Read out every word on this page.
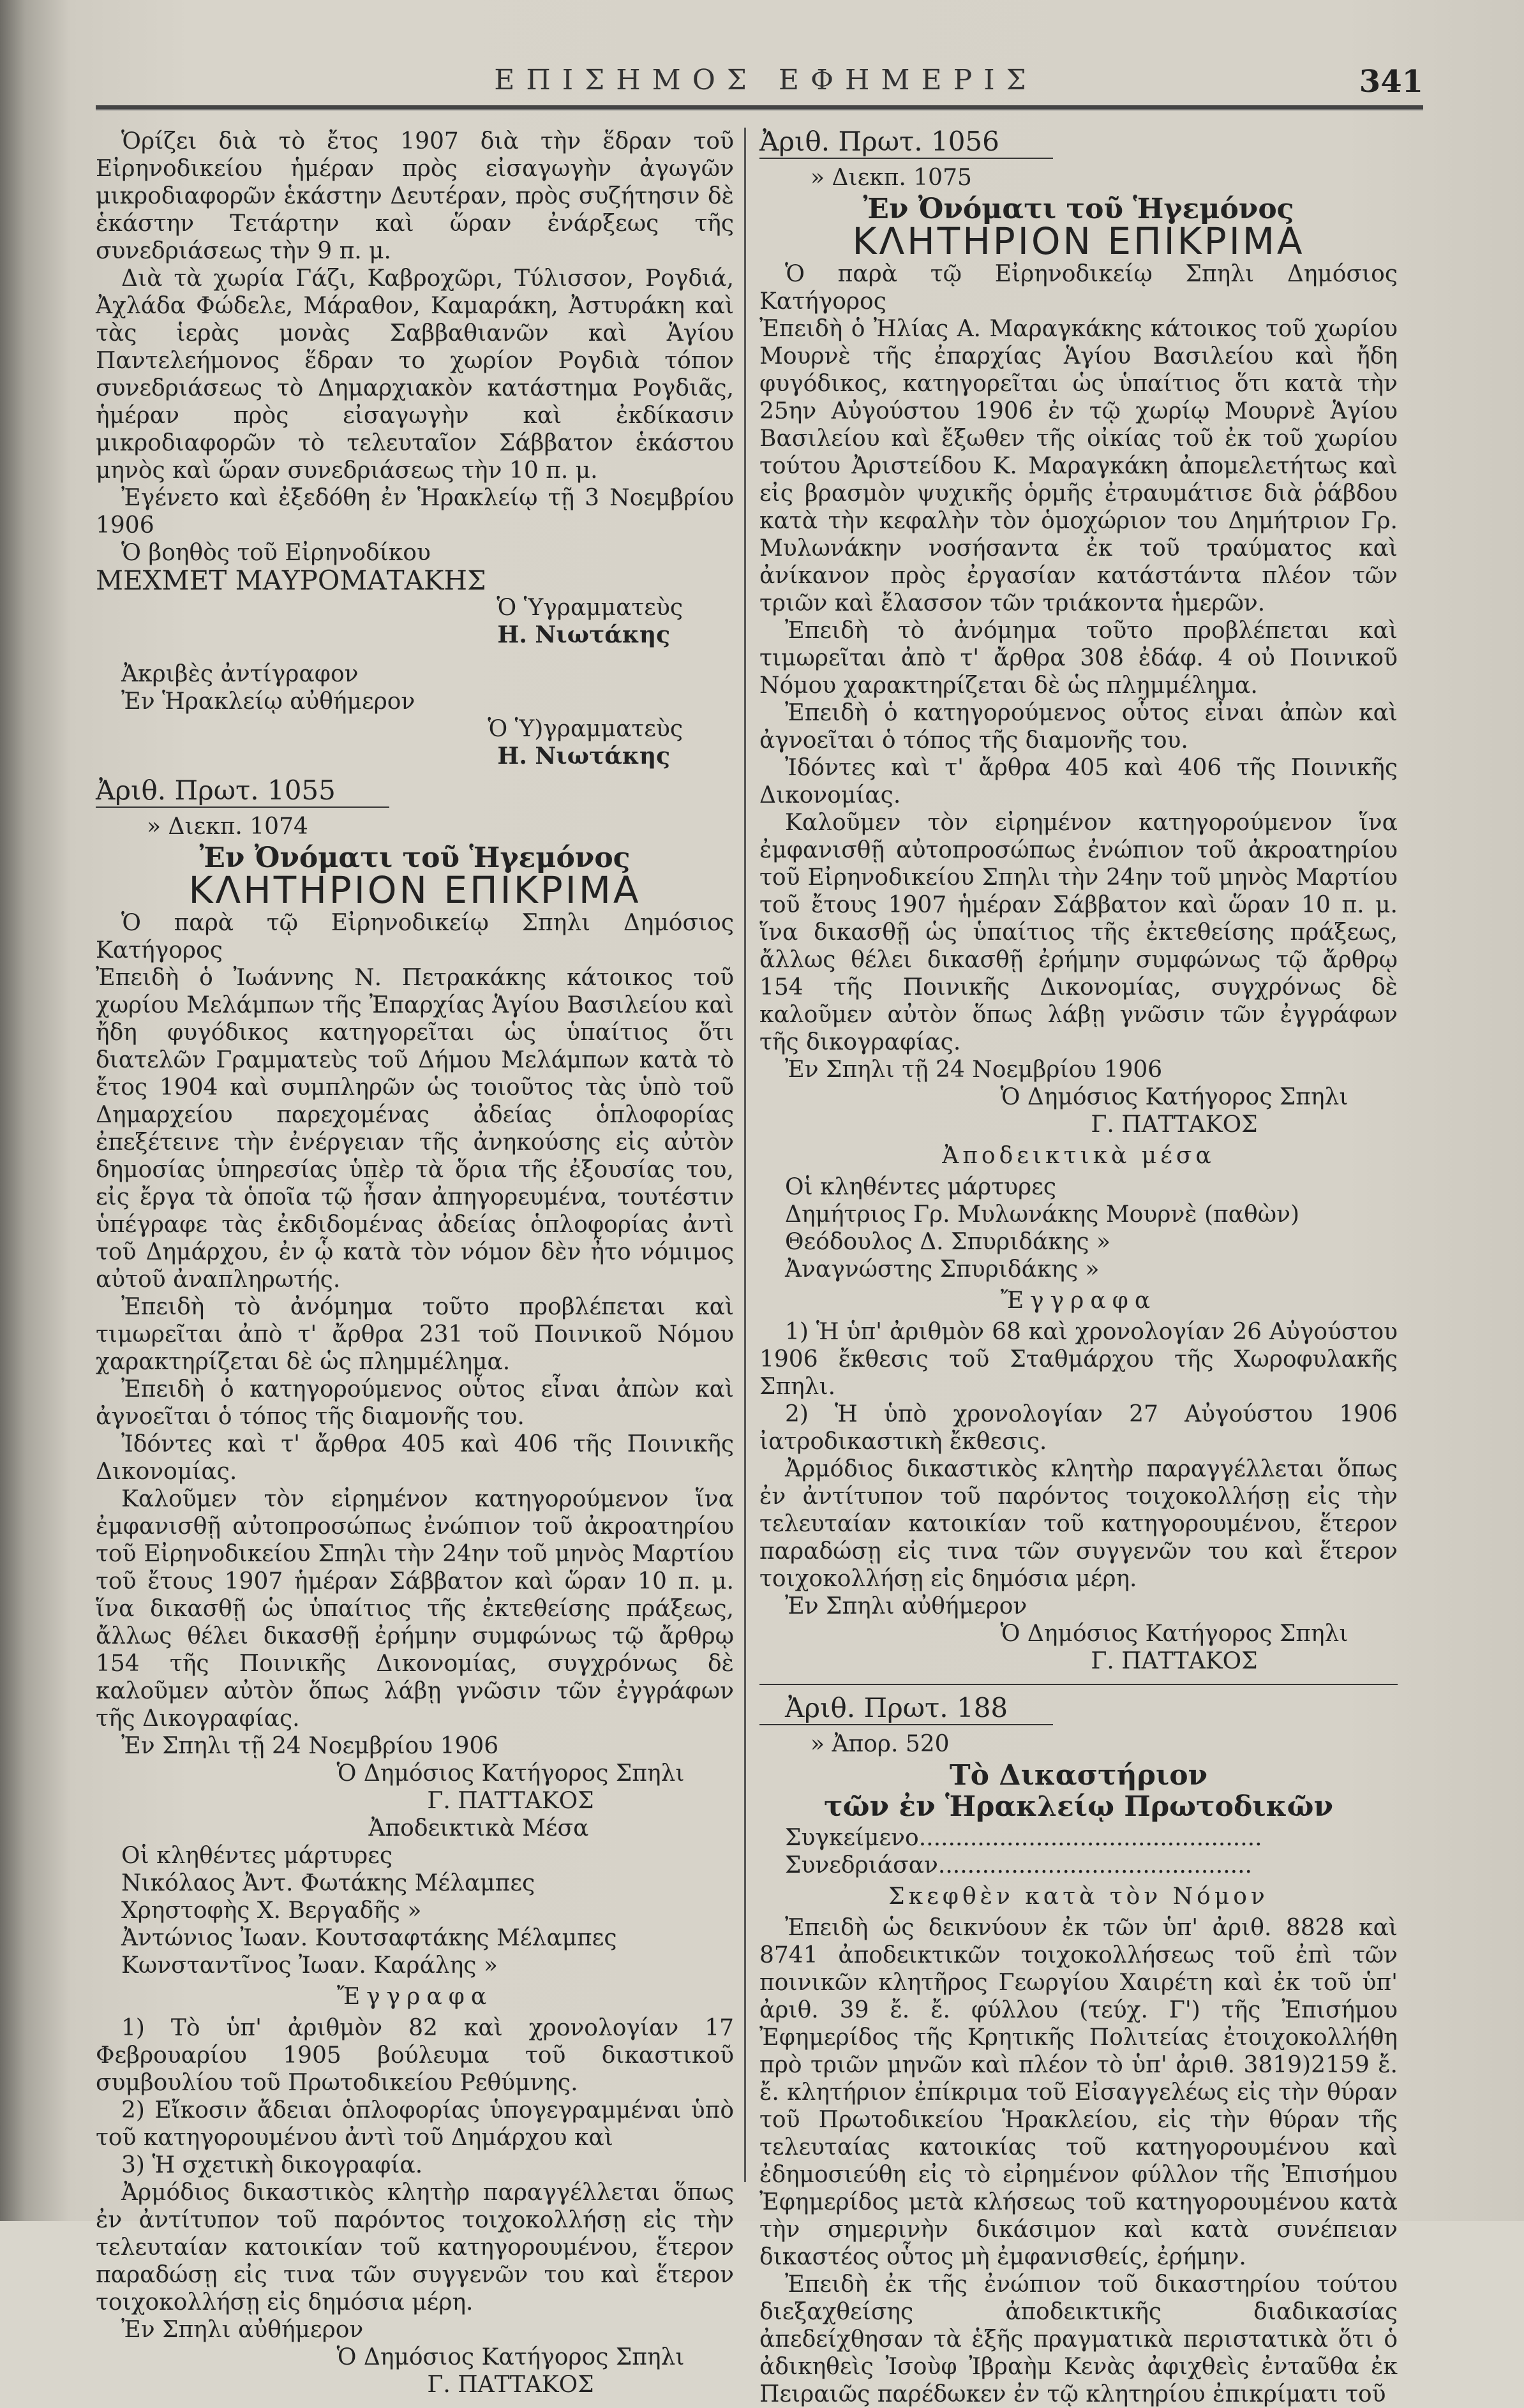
ΕΠΙΣΗΜΟΣ ΕΦΗΜΕΡΙΣ	341

Ὁρίζει διὰ τὸ ἔτος 1907 διὰ τὴν ἕδραν τοῦ Εἰρηνοδικείου ἡμέραν πρὸς εἰσαγωγὴν ἀγωγῶν μικροδιαφορῶν ἑκάστην Δευτέραν, πρὸς συζήτησιν δὲ ἑκάστην Τετάρτην καὶ ὥραν ἐνάρξεως τῆς συνεδριάσεως τὴν 9 π. μ.

Διὰ τὰ χωρία Γάζι, Καβροχῶρι, Τύλισσον, Ρογδιά, Ἀχλάδα Φώδελε, Μάραθον, Καμαράκη, Ἀστυράκη καὶ τὰς ἱερὰς μονὰς Σαββαθιανῶν καὶ Ἁγίου Παντελεήμονος ἕδραν το χωρίον Ρογδιὰ τόπον συνεδριάσεως τὸ Δημαρχιακὸν κατάστημα Ρογδιᾶς, ἡμέραν πρὸς εἰσαγωγὴν καὶ ἐκδίκασιν μικροδιαφορῶν τὸ τελευταῖον Σάββατον ἑκάστου μηνὸς καὶ ὥραν συνεδριάσεως τὴν 10 π. μ.

Ἐγένετο καὶ ἐξεδόθη ἐν Ἡρακλείῳ τῇ 3 Νοεμβρίου 1906

Ὁ βοηθὸς τοῦ Εἰρηνοδίκου

ΜΕΧΜΕΤ ΜΑΥΡΟΜΑΤΑΚΗΣ

Ὁ Ὑγραμματεὺς

Η. Νιωτάκης

Ἀκριβὲς ἀντίγραφον

Ἐν Ἡρακλείῳ αὐθήμερον

Ὁ Ὑ)γραμματεὺς

Η. Νιωτάκης

Ἀριθ. Πρωτ. 1055

» Διεκπ. 1074

Ἐν Ὀνόματι τοῦ Ἡγεμόνος

ΚΛΗΤΗΡΙΟΝ ΕΠΙΚΡΙΜΑ

Ὁ παρὰ τῷ Εἰρηνοδικείῳ Σπηλι Δημόσιος Κατήγορος

Ἐπειδὴ ὁ Ἰωάννης Ν. Πετρακάκης κάτοικος τοῦ χωρίου Μελάμπων τῆς Ἐπαρχίας Ἁγίου Βασιλείου καὶ ἤδη φυγόδικος κατηγορεῖται ὡς ὑπαίτιος ὅτι διατελῶν Γραμματεὺς τοῦ Δήμου Μελάμπων κατὰ τὸ ἔτος 1904 καὶ συμπληρῶν ὡς τοιοῦτος τὰς ὑπὸ τοῦ Δημαρχείου παρεχομένας ἀδείας ὁπλοφορίας ἐπεξέτεινε τὴν ἐνέργειαν τῆς ἀνηκούσης εἰς αὐτὸν δημοσίας ὑπηρεσίας ὑπὲρ τὰ ὅρια τῆς ἐξουσίας του, εἰς ἔργα τὰ ὁποῖα τῷ ἦσαν ἀπηγορευμένα, τουτέστιν ὑπέγραφε τὰς ἐκδιδομένας ἀδείας ὁπλοφορίας ἀντὶ τοῦ Δημάρχου, ἐν ᾧ κατὰ τὸν νόμον δὲν ἦτο νόμιμος αὐτοῦ ἀναπληρωτής.

Ἐπειδὴ τὸ ἀνόμημα τοῦτο προβλέπεται καὶ τιμωρεῖται ἀπὸ τ' ἄρθρα 231 τοῦ Ποινικοῦ Νόμου χαρακτηρίζεται δὲ ὡς πλημμέλημα.

Ἐπειδὴ ὁ κατηγορούμενος οὗτος εἶναι ἀπὼν καὶ ἀγνοεῖται ὁ τόπος τῆς διαμονῆς του.

Ἰδόντες καὶ τ' ἄρθρα 405 καὶ 406 τῆς Ποινικῆς Δικονομίας.

Καλοῦμεν τὸν εἰρημένον κατηγορούμενον ἵνα ἐμφανισθῇ αὐτοπροσώπως ἐνώπιον τοῦ ἀκροατηρίου τοῦ Εἰρηνοδικείου Σπηλι τὴν 24ην τοῦ μηνὸς Μαρτίου τοῦ ἔτους 1907 ἡμέραν Σάββατον καὶ ὥραν 10 π. μ. ἵνα δικασθῇ ὡς ὑπαίτιος τῆς ἐκτεθείσης πράξεως, ἄλλως θέλει δικασθῇ ἐρήμην συμφώνως τῷ ἄρθρῳ 154 τῆς Ποινικῆς Δικονομίας, συγχρόνως δὲ καλοῦμεν αὐτὸν ὅπως λάβῃ γνῶσιν τῶν ἐγγράφων τῆς Δικογραφίας.

Ἐν Σπηλι τῇ 24 Νοεμβρίου 1906

Ὁ Δημόσιος Κατήγορος Σπηλι

Γ. ΠΑΤΤΑΚΟΣ

Ἀποδεικτικὰ Μέσα

Οἱ κληθέντες μάρτυρες

Νικόλαος Ἀντ. Φωτάκης Μέλαμπες

Χρηστοφὴς Χ. Βεργαδῆς »

Ἀντώνιος Ἰωαν. Κουτσαφτάκης Μέλαμπες

Κωνσταντῖνος Ἰωαν. Καράλης »

Ἔγγραφα

1) Τὸ ὑπ' ἀριθμὸν 82 καὶ χρονολογίαν 17 Φεβρουαρίου 1905 βούλευμα τοῦ δικαστικοῦ συμβουλίου τοῦ Πρωτοδικείου Ρεθύμνης.

2) Εἴκοσιν ἄδειαι ὁπλοφορίας ὑπογεγραμμέναι ὑπὸ τοῦ κατηγορουμένου ἀντὶ τοῦ Δημάρχου καὶ

3) Ἡ σχετικὴ δικογραφία.

Ἀρμόδιος δικαστικὸς κλητὴρ παραγγέλλεται ὅπως ἐν ἀντίτυπον τοῦ παρόντος τοιχοκολλήσῃ εἰς τὴν τελευταίαν κατοικίαν τοῦ κατηγορουμένου, ἕτερον παραδώσῃ εἰς τινα τῶν συγγενῶν του καὶ ἕτερον τοιχοκολλήσῃ εἰς δημόσια μέρη.

Ἐν Σπηλι αὐθήμερον

Ὁ Δημόσιος Κατήγορος Σπηλι

Γ. ΠΑΤΤΑΚΟΣ

Ἀριθ. Πρωτ. 1056

» Διεκπ. 1075

Ἐν Ὀνόματι τοῦ Ἡγεμόνος

ΚΛΗΤΗΡΙΟΝ ΕΠΙΚΡΙΜΑ

Ὁ παρὰ τῷ Εἰρηνοδικείῳ Σπηλι Δημόσιος Κατήγορος

Ἐπειδὴ ὁ Ἠλίας Α. Μαραγκάκης κάτοικος τοῦ χωρίου Μουρνὲ τῆς ἐπαρχίας Ἁγίου Βασιλείου καὶ ἤδη φυγόδικος, κατηγορεῖται ὡς ὑπαίτιος ὅτι κατὰ τὴν 25ην Αὐγούστου 1906 ἐν τῷ χωρίῳ Μουρνὲ Ἁγίου Βασιλείου καὶ ἔξωθεν τῆς οἰκίας τοῦ ἐκ τοῦ χωρίου τούτου Ἀριστείδου Κ. Μαραγκάκη ἀπομελετήτως καὶ εἰς βρασμὸν ψυχικῆς ὁρμῆς ἐτραυμάτισε διὰ ῥάβδου κατὰ τὴν κεφαλὴν τὸν ὁμοχώριον του Δημήτριον Γρ. Μυλωνάκην νοσήσαντα ἐκ τοῦ τραύματος καὶ ἀνίκανον πρὸς ἐργασίαν κατάστάντα πλέον τῶν τριῶν καὶ ἔλασσον τῶν τριάκοντα ἡμερῶν.

Ἐπειδὴ τὸ ἀνόμημα τοῦτο προβλέπεται καὶ τιμωρεῖται ἀπὸ τ' ἄρθρα 308 ἐδάφ. 4 οὐ Ποινικοῦ Νόμου χαρακτηρίζεται δὲ ὡς πλημμέλημα.

Ἐπειδὴ ὁ κατηγορούμενος οὗτος εἶναι ἀπὼν καὶ ἀγνοεῖται ὁ τόπος τῆς διαμονῆς του.

Ἰδόντες καὶ τ' ἄρθρα 405 καὶ 406 τῆς Ποινικῆς Δικονομίας.

Καλοῦμεν τὸν εἰρημένον κατηγορούμενον ἵνα ἐμφανισθῇ αὐτοπροσώπως ἐνώπιον τοῦ ἀκροατηρίου τοῦ Εἰρηνοδικείου Σπηλι τὴν 24ην τοῦ μηνὸς Μαρτίου τοῦ ἔτους 1907 ἡμέραν Σάββατον καὶ ὥραν 10 π. μ. ἵνα δικασθῇ ὡς ὑπαίτιος τῆς ἐκτεθείσης πράξεως, ἄλλως θέλει δικασθῇ ἐρήμην συμφώνως τῷ ἄρθρῳ 154 τῆς Ποινικῆς Δικονομίας, συγχρόνως δὲ καλοῦμεν αὐτὸν ὅπως λάβῃ γνῶσιν τῶν ἐγγράφων τῆς δικογραφίας.

Ἐν Σπηλι τῇ 24 Νοεμβρίου 1906

Ὁ Δημόσιος Κατήγορος Σπηλι

Γ. ΠΑΤΤΑΚΟΣ

Ἀποδεικτικὰ μέσα

Οἱ κληθέντες μάρτυρες

Δημήτριος Γρ. Μυλωνάκης Μουρνὲ (παθὼν)

Θεόδουλος Δ. Σπυριδάκης »

Ἀναγνώστης Σπυριδάκης »

Ἔγγραφα

1) Ἡ ὑπ' ἀριθμὸν 68 καὶ χρονολογίαν 26 Αὐγούστου 1906 ἔκθεσις τοῦ Σταθμάρχου τῆς Χωροφυλακῆς Σπηλι.

2) Ἡ ὑπὸ χρονολογίαν 27 Αὐγούστου 1906 ἰατροδικαστικὴ ἔκθεσις.

Ἀρμόδιος δικαστικὸς κλητὴρ παραγγέλλεται ὅπως ἐν ἀντίτυπον τοῦ παρόντος τοιχοκολλήσῃ εἰς τὴν τελευταίαν κατοικίαν τοῦ κατηγορουμένου, ἕτερον παραδώσῃ εἰς τινα τῶν συγγενῶν του καὶ ἕτερον τοιχοκολλήσῃ εἰς δημόσια μέρη.

Ἐν Σπηλι αὐθήμερον

Ὁ Δημόσιος Κατήγορος Σπηλι

Γ. ΠΑΤΤΑΚΟΣ

Ἀριθ. Πρωτ. 188

» Ἀπορ. 520

Τὸ Δικαστήριον

τῶν ἐν Ἡρακλείῳ Πρωτοδικῶν

Συγκείμενο...............................................

Συνεδριάσαν...........................................

Σκεφθὲν κατὰ τὸν Νόμον

Ἐπειδὴ ὡς δεικνύουν ἐκ τῶν ὑπ' ἀριθ. 8828 καὶ 8741 ἀποδεικτικῶν τοιχοκολλήσεως τοῦ ἐπὶ τῶν ποινικῶν κλητῆρος Γεωργίου Χαιρέτη καὶ ἐκ τοῦ ὑπ' ἀριθ. 39 ἔ. ἔ. φύλλου (τεύχ. Γ') τῆς Ἐπισήμου Ἐφημερίδος τῆς Κρητικῆς Πολιτείας ἐτοιχοκολλήθη πρὸ τριῶν μηνῶν καὶ πλέον τὸ ὑπ' ἀριθ. 3819)2159 ἔ. ἔ. κλητήριον ἐπίκριμα τοῦ Εἰσαγγελέως εἰς τὴν θύραν τοῦ Πρωτοδικείου Ἡρακλείου, εἰς τὴν θύραν τῆς τελευταίας κατοικίας τοῦ κατηγορουμένου καὶ ἐδημοσιεύθη εἰς τὸ εἰρημένον φύλλον τῆς Ἐπισήμου Ἐφημερίδος μετὰ κλήσεως τοῦ κατηγορουμένου κατὰ τὴν σημερινὴν δικάσιμον καὶ κατὰ συνέπειαν δικαστέος οὗτος μὴ ἐμφανισθείς, ἐρήμην.

Ἐπειδὴ ἐκ τῆς ἐνώπιον τοῦ δικαστηρίου τούτου διεξαχθείσης ἀποδεικτικῆς διαδικασίας ἀπεδείχθησαν τὰ ἑξῆς πραγματικὰ περιστατικὰ ὅτι ὁ ἀδικηθεὶς Ἰσοὺφ Ἰβραὴμ Κενὰς ἀφιχθεὶς ἐνταῦθα ἐκ Πειραιῶς παρέδωκεν ἐν τῷ κλητηρίου ἐπικρίματι τοῦ
